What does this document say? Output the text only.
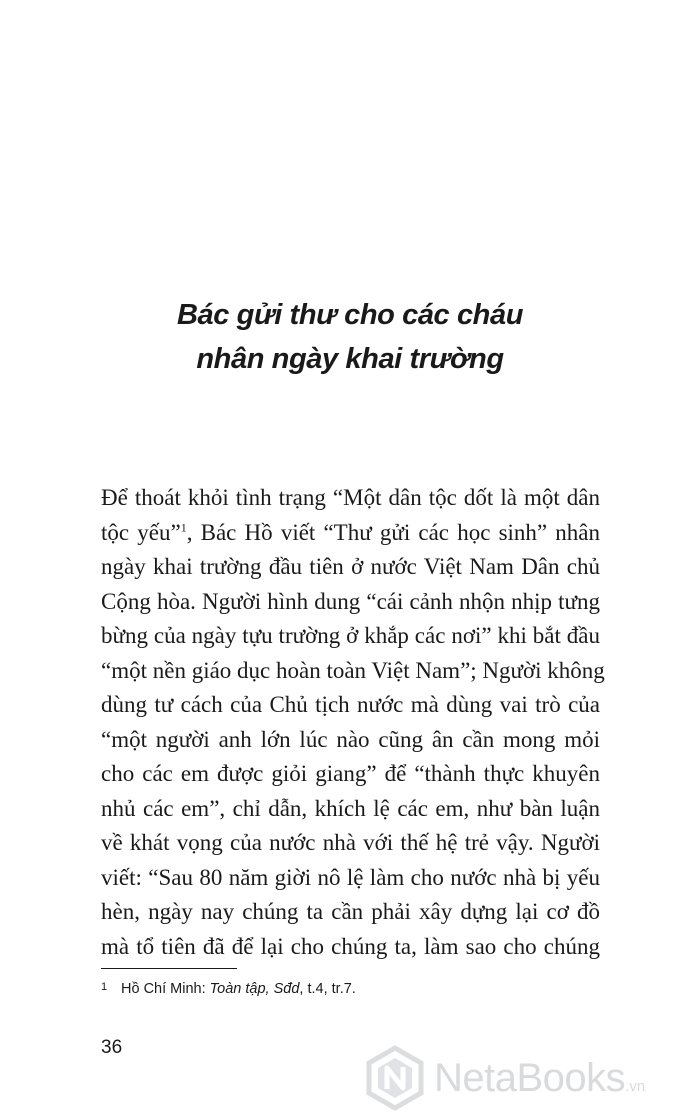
Bác gửi thư cho các cháu
nhân ngày khai trường
Để thoát khỏi tình trạng “Một dân tộc dốt là một dân
tộc yếu”$^1$, Bác Hồ viết “Thư gửi các học sinh” nhân
ngày khai trường đầu tiên ở nước Việt Nam Dân chủ
Cộng hòa. Người hình dung “cái cảnh nhộn nhịp tưng
bừng của ngày tựu trường ở khắp các nơi” khi bắt đầu
“một nền giáo dục hoàn toàn Việt Nam”; Người không
dùng tư cách của Chủ tịch nước mà dùng vai trò của
“một người anh lớn lúc nào cũng ân cần mong mỏi
cho các em được giỏi giang” để “thành thực khuyên
nhủ các em”, chỉ dẫn, khích lệ các em, như bàn luận
về khát vọng của nước nhà với thế hệ trẻ vậy. Người
viết: “Sau 80 năm giời nô lệ làm cho nước nhà bị yếu
hèn, ngày nay chúng ta cần phải xây dựng lại cơ đồ
mà tổ tiên đã để lại cho chúng ta, làm sao cho chúng
1 Hồ Chí Minh: Toàn tập, Sđd, t.4, tr.7.
36
NetaBooks.vn
